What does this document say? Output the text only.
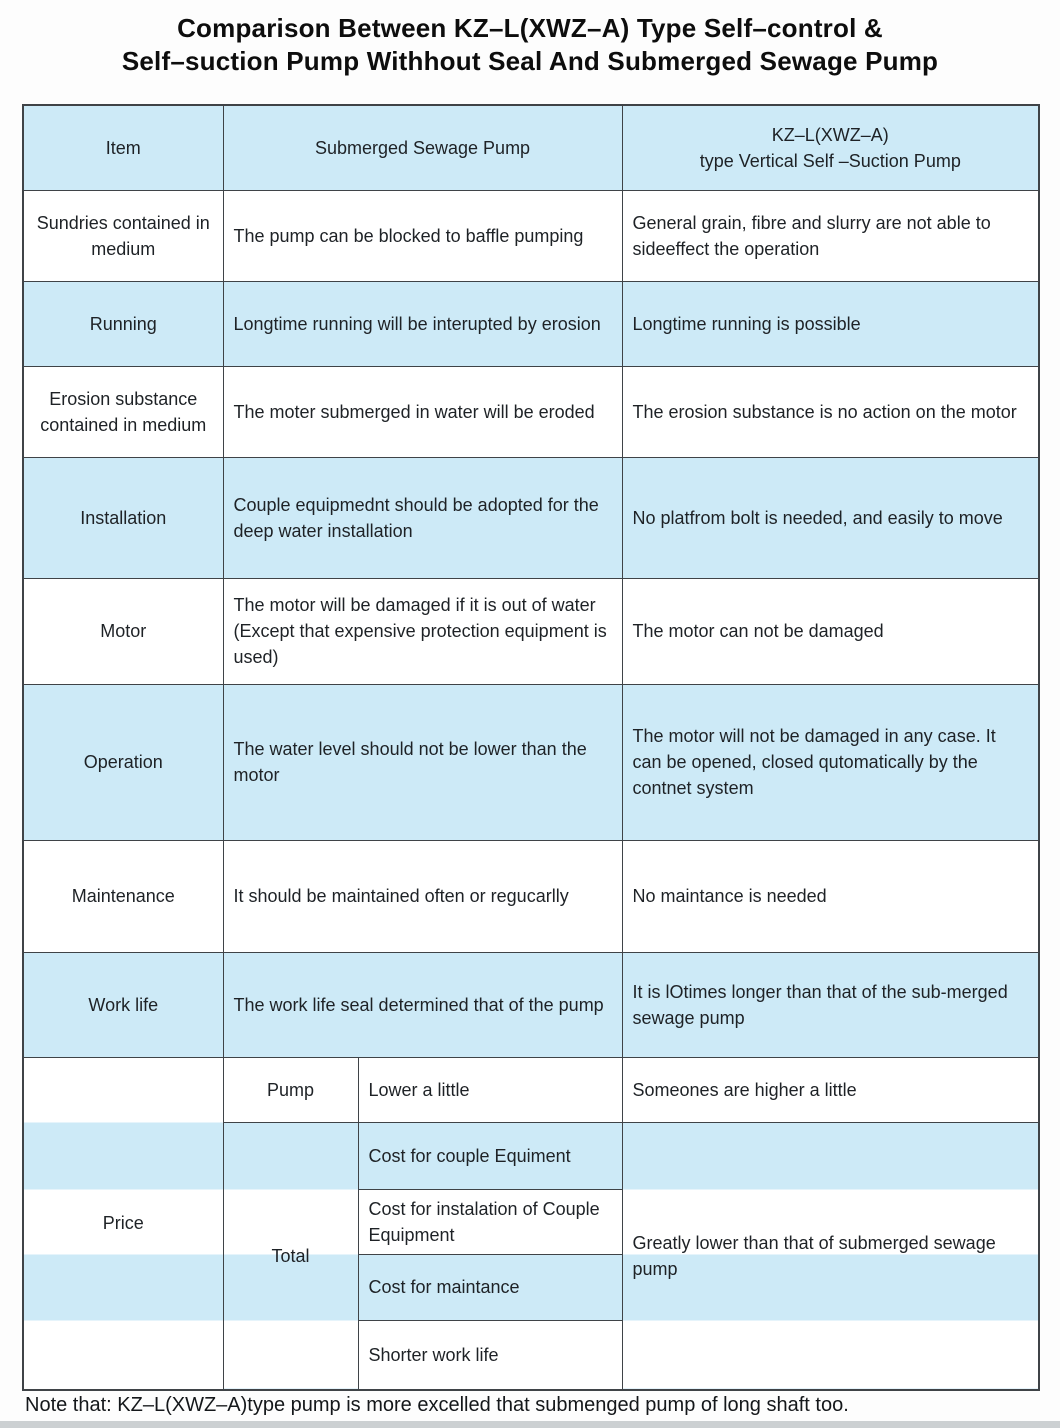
Comparison Between KZ–L(XWZ–A) Type Self–control &
Self–suction Pump Withhout Seal And Submerged Sewage Pump
Item	Submerged Sewage Pump		KZ–L(XWZ–A)
type Vertical Self –Suction Pump

Sundries contained in medium	The pump can be blocked to baffle pumping		General grain, fibre and slurry are not able to sideeffect the operation
Running	Longtime running will be interupted by erosion		Longtime running is possible
Erosion substance contained in medium	The moter submerged in water will be eroded		The erosion substance is no action on the motor
Installation	Couple equipmednt should be adopted for the deep water installation		No platfrom bolt is needed, and easily to move
Motor	The motor will be damaged if it is out of water (Except that expensive protection equipment is used)		The motor can not be damaged
Operation	The water level should not be lower than the motor		The motor will not be damaged in any case. It can be opened, closed qutomatically by the contnet system
Maintenance	It should be maintained often or regucarlly		No maintance is needed
Work life	The work life seal determined that of the pump		It is lOtimes longer than that of the sub-merged sewage pump
Price	Pump	Lower a little	Someones are higher a little
	Total	Cost for couple Equiment	Greatly lower than that of submerged sewage pump
		Cost for instalation of Couple Equipment	
		Cost for maintance	
		Shorter work life	
Note that: KZ–L(XWZ–A)type pump is more excelled that submenged pump of long shaft too.
